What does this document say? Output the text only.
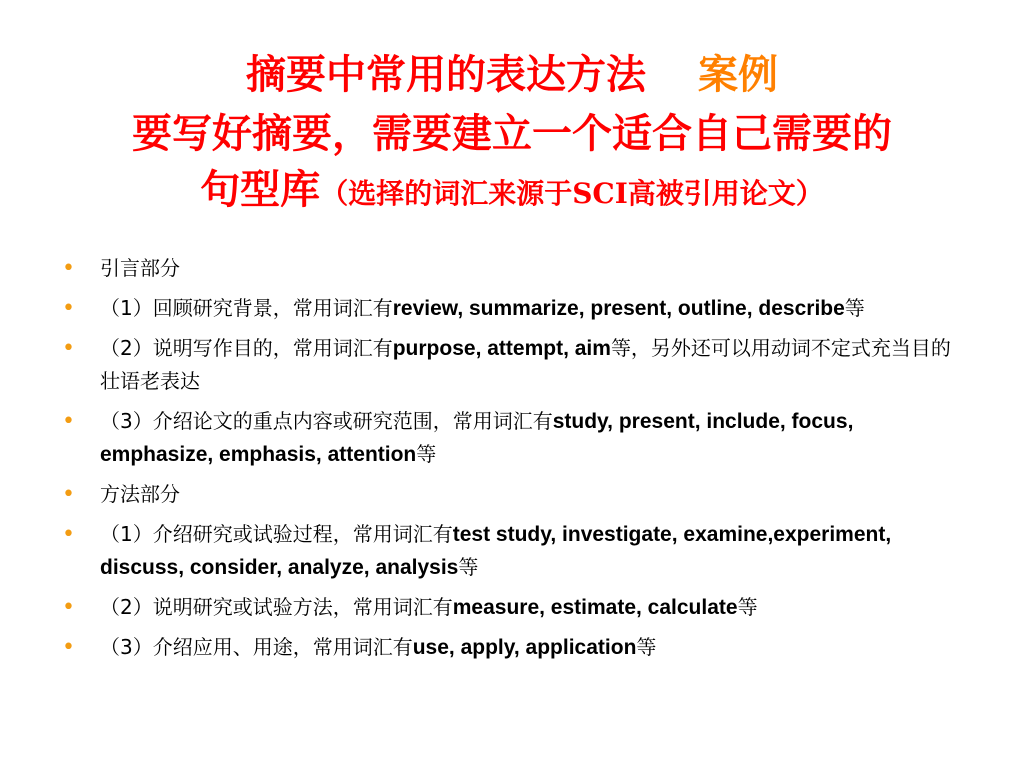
摘要中常用的表达方法 案例
要写好摘要，需要建立一个适合自己需要的
句型库（选择的词汇来源于SCI高被引用论文）
• 引言部分
• （1）回顾研究背景，常用词汇有review, summarize, present, outline, describe等
• （2）说明写作目的，常用词汇有purpose, attempt, aim等，另外还可以用动词不定式充当目的壮语老表达
• （3）介绍论文的重点内容或研究范围，常用词汇有study, present, include, focus, emphasize, emphasis, attention等
• 方法部分
• （1）介绍研究或试验过程，常用词汇有test study, investigate, examine,experiment, discuss, consider, analyze, analysis等
• （2）说明研究或试验方法，常用词汇有measure, estimate, calculate等
• （3）介绍应用、用途，常用词汇有use, apply, application等
